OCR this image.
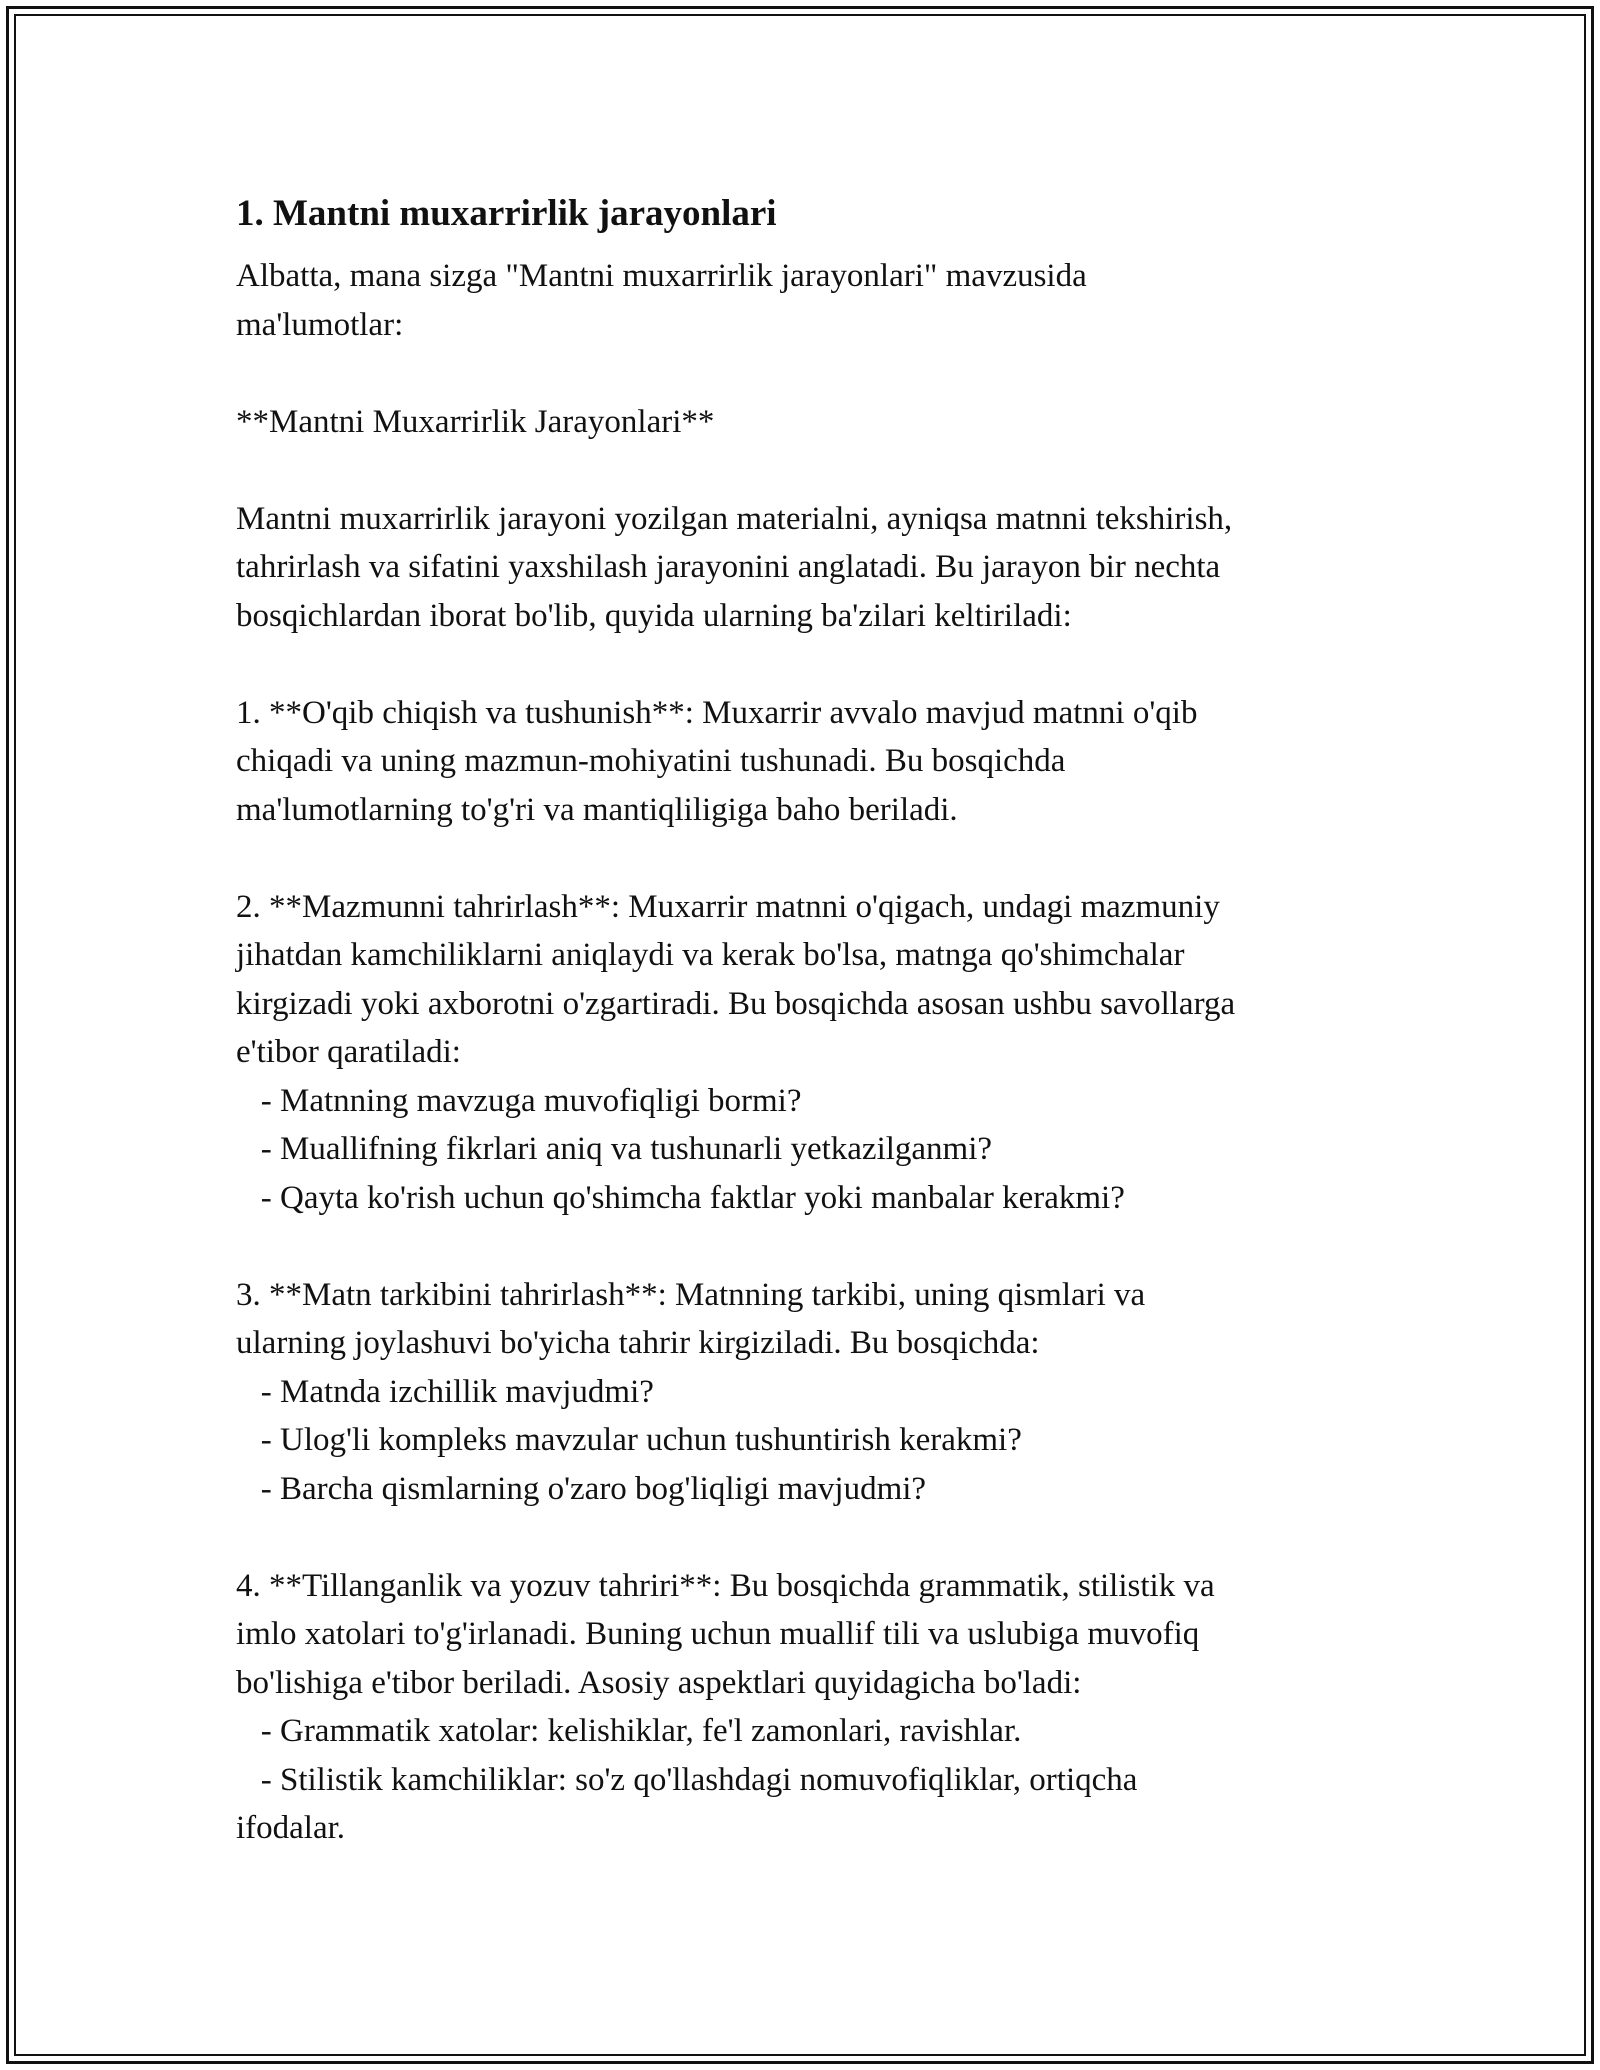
1. Mantni muxarrirlik jarayonlari
Albatta, mana sizga "Mantni muxarrirlik jarayonlari" mavzusida
ma'lumotlar:
**Mantni Muxarrirlik Jarayonlari**
Mantni muxarrirlik jarayoni yozilgan materialni, ayniqsa matnni tekshirish,
tahrirlash va sifatini yaxshilash jarayonini anglatadi. Bu jarayon bir nechta
bosqichlardan iborat bo'lib, quyida ularning ba'zilari keltiriladi:
1. **O'qib chiqish va tushunish**: Muxarrir avvalo mavjud matnni o'qib
chiqadi va uning mazmun-mohiyatini tushunadi. Bu bosqichda
ma'lumotlarning to'g'ri va mantiqliligiga baho beriladi.
2. **Mazmunni tahrirlash**: Muxarrir matnni o'qigach, undagi mazmuniy
jihatdan kamchiliklarni aniqlaydi va kerak bo'lsa, matnga qo'shimchalar
kirgizadi yoki axborotni o'zgartiradi. Bu bosqichda asosan ushbu savollarga
e'tibor qaratiladi:
- Matnning mavzuga muvofiqligi bormi?
- Muallifning fikrlari aniq va tushunarli yetkazilganmi?
- Qayta ko'rish uchun qo'shimcha faktlar yoki manbalar kerakmi?
3. **Matn tarkibini tahrirlash**: Matnning tarkibi, uning qismlari va
ularning joylashuvi bo'yicha tahrir kirgiziladi. Bu bosqichda:
- Matnda izchillik mavjudmi?
- Ulog'li kompleks mavzular uchun tushuntirish kerakmi?
- Barcha qismlarning o'zaro bog'liqligi mavjudmi?
4. **Tillanganlik va yozuv tahriri**: Bu bosqichda grammatik, stilistik va
imlo xatolari to'g'irlanadi. Buning uchun muallif tili va uslubiga muvofiq
bo'lishiga e'tibor beriladi. Asosiy aspektlari quyidagicha bo'ladi:
- Grammatik xatolar: kelishiklar, fe'l zamonlari, ravishlar.
- Stilistik kamchiliklar: so'z qo'llashdagi nomuvofiqliklar, ortiqcha
ifodalar.
